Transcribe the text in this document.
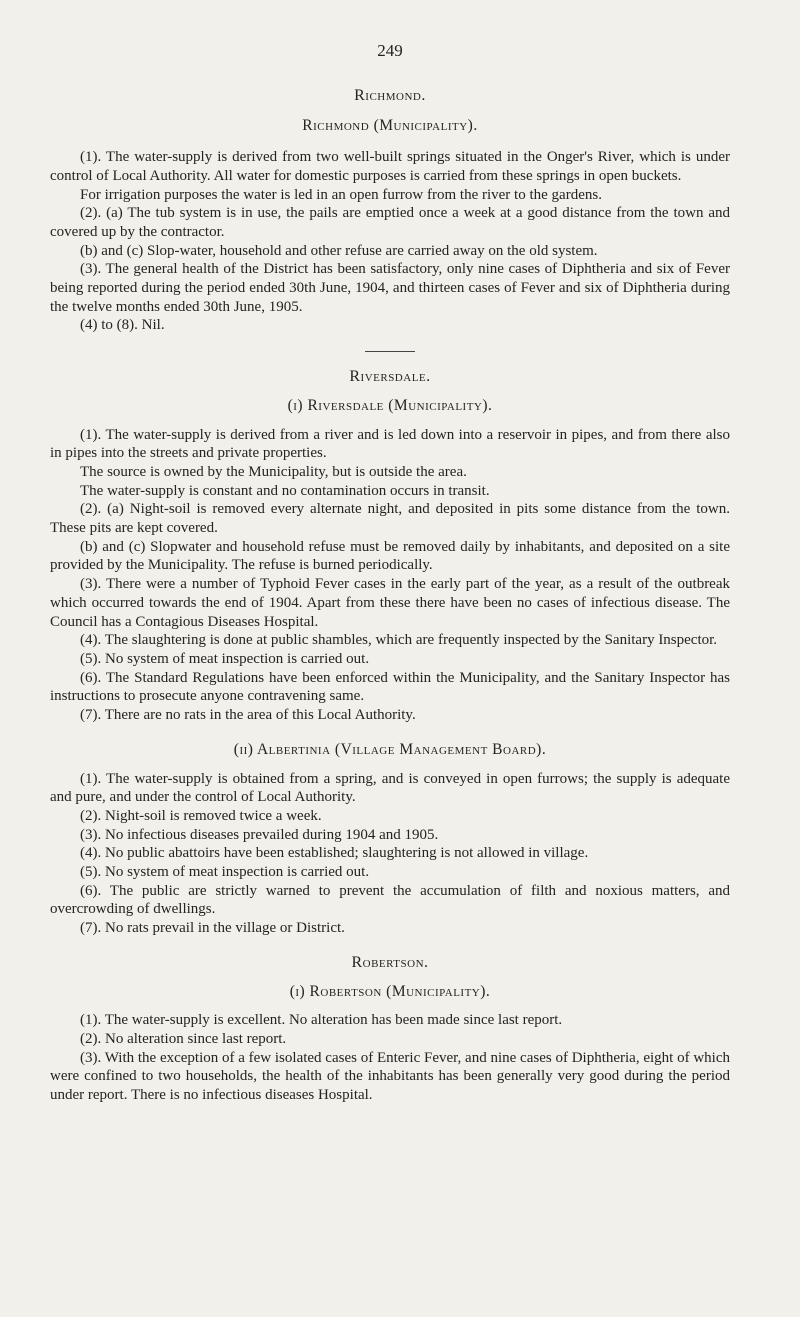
249
Richmond.
Richmond (Municipality).

(1). The water-supply is derived from two well-built springs situated in the Onger's River, which is under control of Local Authority. All water for domestic purposes is carried from these springs in open buckets.

For irrigation purposes the water is led in an open furrow from the river to the gardens.

(2). (a) The tub system is in use, the pails are emptied once a week at a good distance from the town and covered up by the contractor.

(b) and (c) Slop-water, household and other refuse are carried away on the old system.

(3). The general health of the District has been satisfactory, only nine cases of Diphtheria and six of Fever being reported during the period ended 30th June, 1904, and thirteen cases of Fever and six of Diphtheria during the twelve months ended 30th June, 1905.

(4) to (8). Nil.

Riversdale.
(i) Riversdale (Municipality).

(1). The water-supply is derived from a river and is led down into a reservoir in pipes, and from there also in pipes into the streets and private properties.

The source is owned by the Municipality, but is outside the area.

The water-supply is constant and no contamination occurs in transit.

(2). (a) Night-soil is removed every alternate night, and deposited in pits some distance from the town. These pits are kept covered.

(b) and (c) Slopwater and household refuse must be removed daily by inhabitants, and deposited on a site provided by the Municipality. The refuse is burned periodically.

(3). There were a number of Typhoid Fever cases in the early part of the year, as a result of the outbreak which occurred towards the end of 1904. Apart from these there have been no cases of infectious disease. The Council has a Contagious Diseases Hospital.

(4). The slaughtering is done at public shambles, which are frequently inspected by the Sanitary Inspector.

(5). No system of meat inspection is carried out.

(6). The Standard Regulations have been enforced within the Municipality, and the Sanitary Inspector has instructions to prosecute anyone contravening same.

(7). There are no rats in the area of this Local Authority.

(ii) Albertinia (Village Management Board).

(1). The water-supply is obtained from a spring, and is conveyed in open furrows; the supply is adequate and pure, and under the control of Local Authority.

(2). Night-soil is removed twice a week.

(3). No infectious diseases prevailed during 1904 and 1905.

(4). No public abattoirs have been established; slaughtering is not allowed in village.

(5). No system of meat inspection is carried out.

(6). The public are strictly warned to prevent the accumulation of filth and noxious matters, and overcrowding of dwellings.

(7). No rats prevail in the village or District.

Robertson.
(i) Robertson (Municipality).

(1). The water-supply is excellent. No alteration has been made since last report.

(2). No alteration since last report.

(3). With the exception of a few isolated cases of Enteric Fever, and nine cases of Diphtheria, eight of which were confined to two households, the health of the inhabitants has been generally very good during the period under report. There is no infectious diseases Hospital.
